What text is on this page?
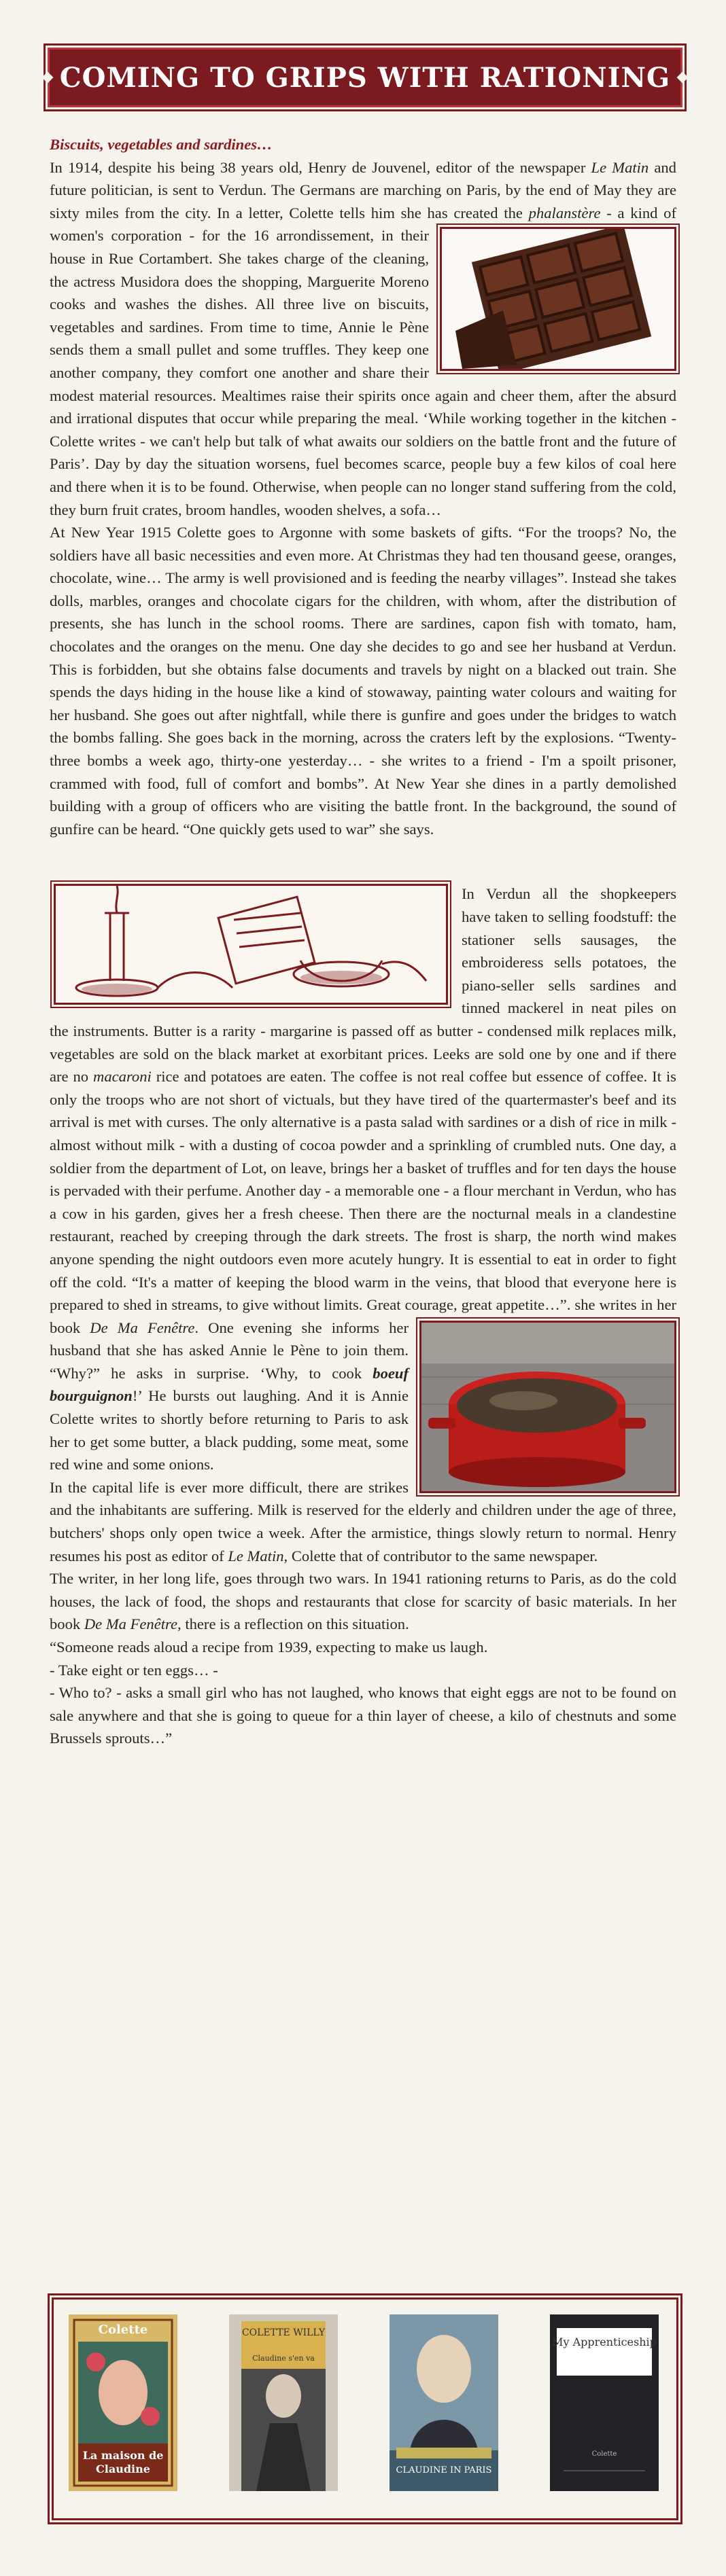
COMING TO GRIPS WITH RATIONING

Biscuits, vegetables and sardines…

In 1914, despite his being 38 years old, Henry de Jouvenel, editor of the newspaper Le Matin and future politician, is sent to Verdun. The Germans are marching on Paris, by the end of May they are sixty miles from the city. In a letter, Colette tells him she has created the phalanstère
- a kind of women's corporation - for the 16 arrondissement, in their house in Rue Cortambert. She takes charge of the cleaning, the actress Musidora does the shopping, Marguerite Moreno cooks and washes the dishes. All three live on biscuits, vegetables and sardines. From time to time, Annie le Pène sends them a small pullet and some truffles. They keep one another company, they comfort one another and share their modest material resources. Mealtimes raise their spirits once again and cheer them, after the absurd and irrational disputes that occur while preparing the meal. ‘While working together in the kitchen - Colette writes - we can't help but talk of what awaits our soldiers on the battle front and the future of Paris’. Day by day the situation worsens, fuel becomes scarce, people buy a few kilos of coal here and there when it is to be found. Otherwise, when people can no longer stand suffering from the cold, they burn fruit crates, broom handles, wooden shelves, a sofa…

At New Year 1915 Colette goes to Argonne with some baskets of gifts. “For the troops? No, the soldiers have all basic necessities and even more. At Christmas they had ten thousand geese, oranges, chocolate, wine… The army is well provisioned and is feeding the nearby villages”. Instead she takes dolls, marbles, oranges and chocolate cigars for the children, with whom, after the distribution of presents, she has lunch in the school rooms. There are sardines, capon fish with tomato, ham, chocolates and the oranges on the menu. One day she decides to go and see her husband at Verdun. This is forbidden, but she obtains false documents and travels by night on a blacked out train. She spends the days hiding in the house like a kind of stowaway, painting water colours and waiting for her husband. She goes out after nightfall, while there is gunfire and goes under the bridges to watch the bombs falling. She goes back in the morning, across the craters left by the explosions. “Twenty-three bombs a week ago, thirty-one yesterday… - she writes to a friend - I'm a spoilt prisoner, crammed with food, full of comfort and bombs”. At New Year she dines in a partly demolished building with a group of officers who are visiting the battle front. In the background, the sound of gunfire can be heard. “One quickly gets used to war” she says.

In Verdun all the shopkeepers have taken to selling foodstuff: the stationer sells sausages, the embroideress sells potatoes, the piano-seller sells sardines and tinned mackerel in neat piles on the instruments. Butter is a rarity - margarine is passed off as butter - condensed milk replaces milk, vegetables are sold on the black market at exorbitant prices. Leeks are sold one by one and if there are no macaroni rice and potatoes are eaten. The coffee is not real coffee but essence of coffee. It is only the troops who are not short of victuals, but they have tired of the quartermaster's beef and its arrival is met with curses. The only alternative is a pasta salad with sardines or a dish of rice in milk - almost without milk - with a dusting of cocoa powder and a sprinkling of crumbled nuts. One day, a soldier from the department of Lot, on leave, brings her a basket of truffles and for ten days the house is pervaded with their perfume. Another day - a memorable one - a flour merchant in Verdun, who has a cow in his garden, gives her a fresh cheese. Then there are the nocturnal meals in a clandestine restaurant, reached by creeping through the dark streets. The frost is sharp, the north wind makes anyone spending the night outdoors even more acutely hungry. It is essential to eat in order to fight off the cold. “It's a matter of keeping the blood warm in the veins, that blood that everyone here is prepared to shed in streams, to give without limits. Great courage, great appetite…”. she writes in her book
De Ma Fenêtre. One evening she informs her husband that she has asked Annie le Pène to join them. “Why?” he asks in surprise. ‘Why, to cook boeuf bourguignon!’ He bursts out laughing. And it is Annie Colette writes to shortly before returning to Paris to ask her to get some butter, a black pudding, some meat, some red wine and some onions.

In the capital life is ever more difficult, there are strikes and the inhabitants are suffering. Milk is reserved for the elderly and children under the age of three, butchers' shops only open twice a week. After the armistice, things slowly return to normal. Henry resumes his post as editor of Le Matin, Colette that of contributor to the same newspaper.

The writer, in her long life, goes through two wars. In 1941 rationing returns to Paris, as do the cold houses, the lack of food, the shops and restaurants that close for scarcity of basic materials. In her book De Ma Fenêtre, there is a reflection on this situation.

“Someone reads aloud a recipe from 1939, expecting to make us laugh.

- Take eight or ten eggs… -

- Who to? - asks a small girl who has not laughed, who knows that eight eggs are not to be found on sale anywhere and that she is going to queue for a thin layer of cheese, a kilo of chestnuts and some Brussels sprouts…”

Colette
La maison de Claudine
COLETTE WILLY
Claudine s'en va
CLAUDINE IN PARIS
My Apprenticeship
Colette
